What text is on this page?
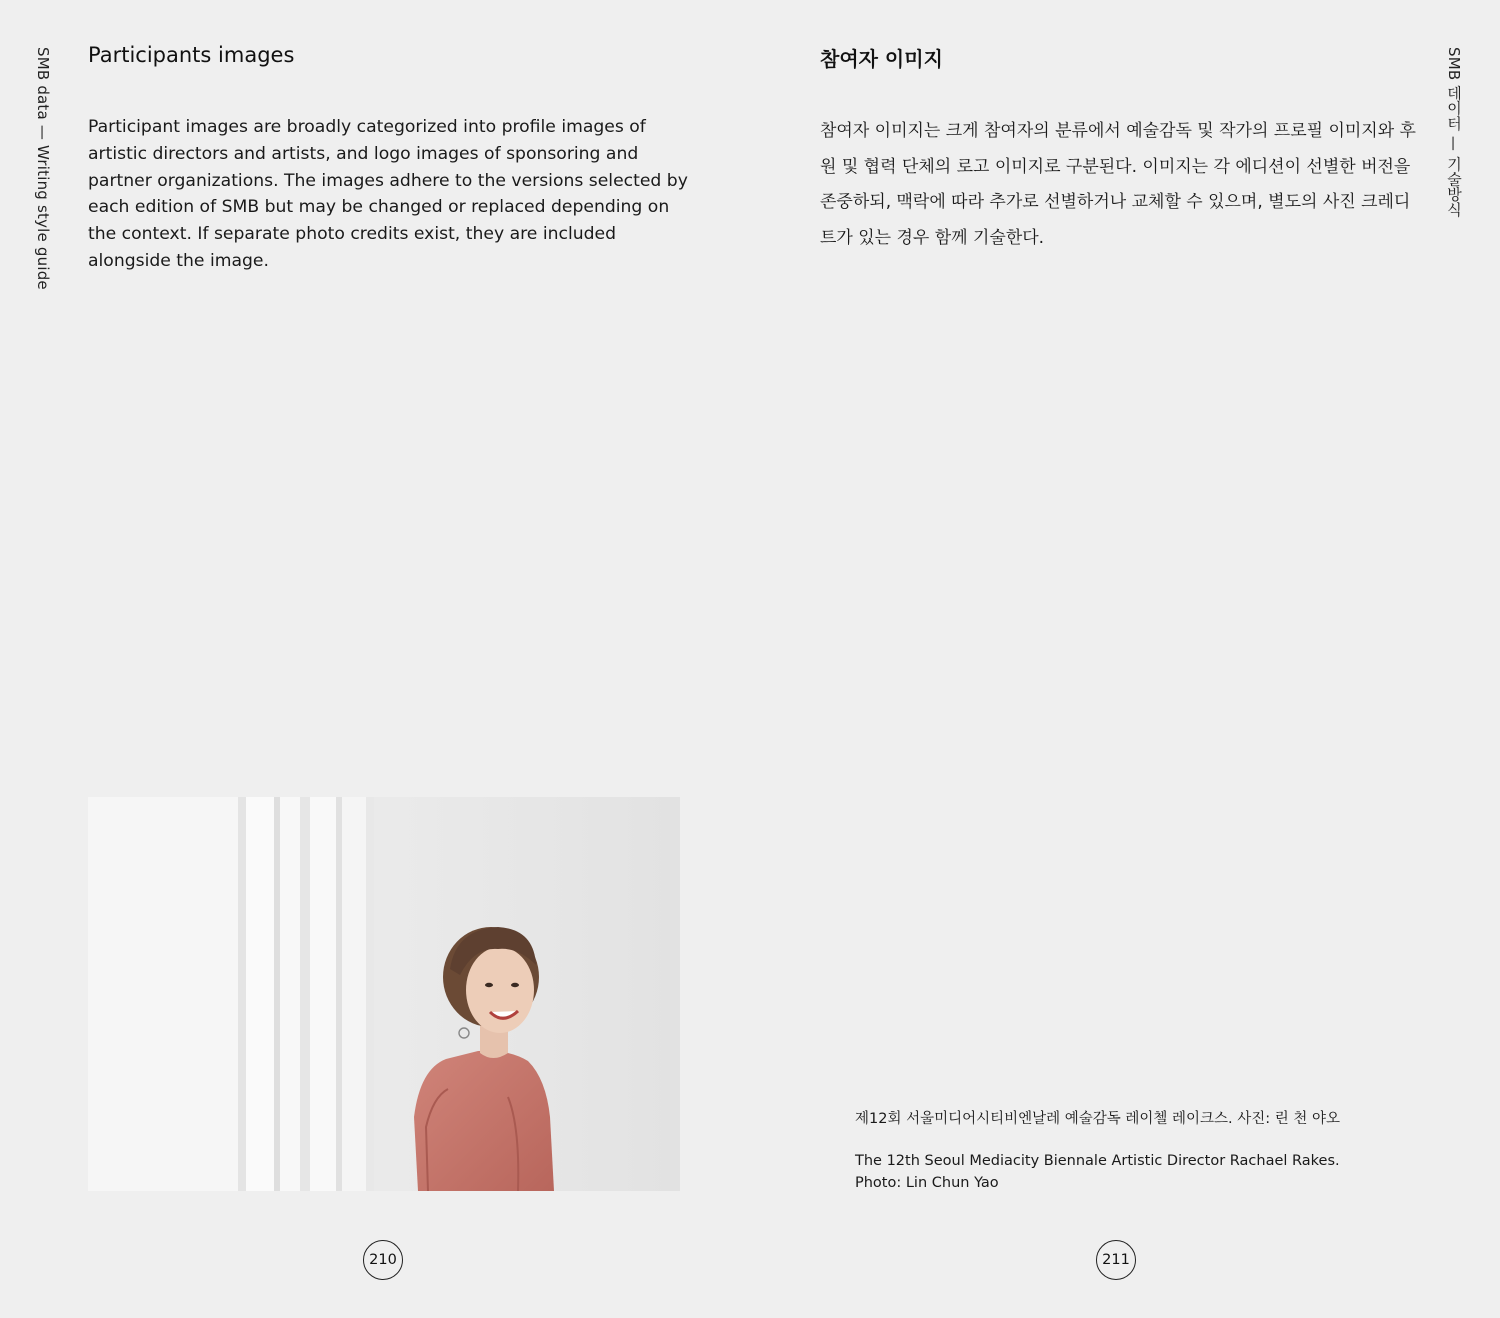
SMB data — Writing style guide Participants images

Participant images are broadly categorized into profile images of artistic directors and artists, and logo images of sponsoring and partner organizations. The images adhere to the versions selected by each edition of SMB but may be changed or replaced depending on the context. If separate photo credits exist, they are included alongside the image.

210
참여자 이미지

참여자 이미지는 크게 참여자의 분류에서 예술감독 및 작가의 프로필 이미지와 후원 및 협력 단체의 로고 이미지로 구분된다. 이미지는 각 에디션이 선별한 버전을 존중하되, 맥락에 따라 추가로 선별하거나 교체할 수 있으며, 별도의 사진 크레디트가 있는 경우 함께 기술한다.

SMB 데이터 — 기술방식
제12회 서울미디어시티비엔날레 예술감독 레이첼 레이크스. 사진: 린 천 야오
The 12th Seoul Mediacity Biennale Artistic Director Rachael Rakes.
Photo: Lin Chun Yao
211
